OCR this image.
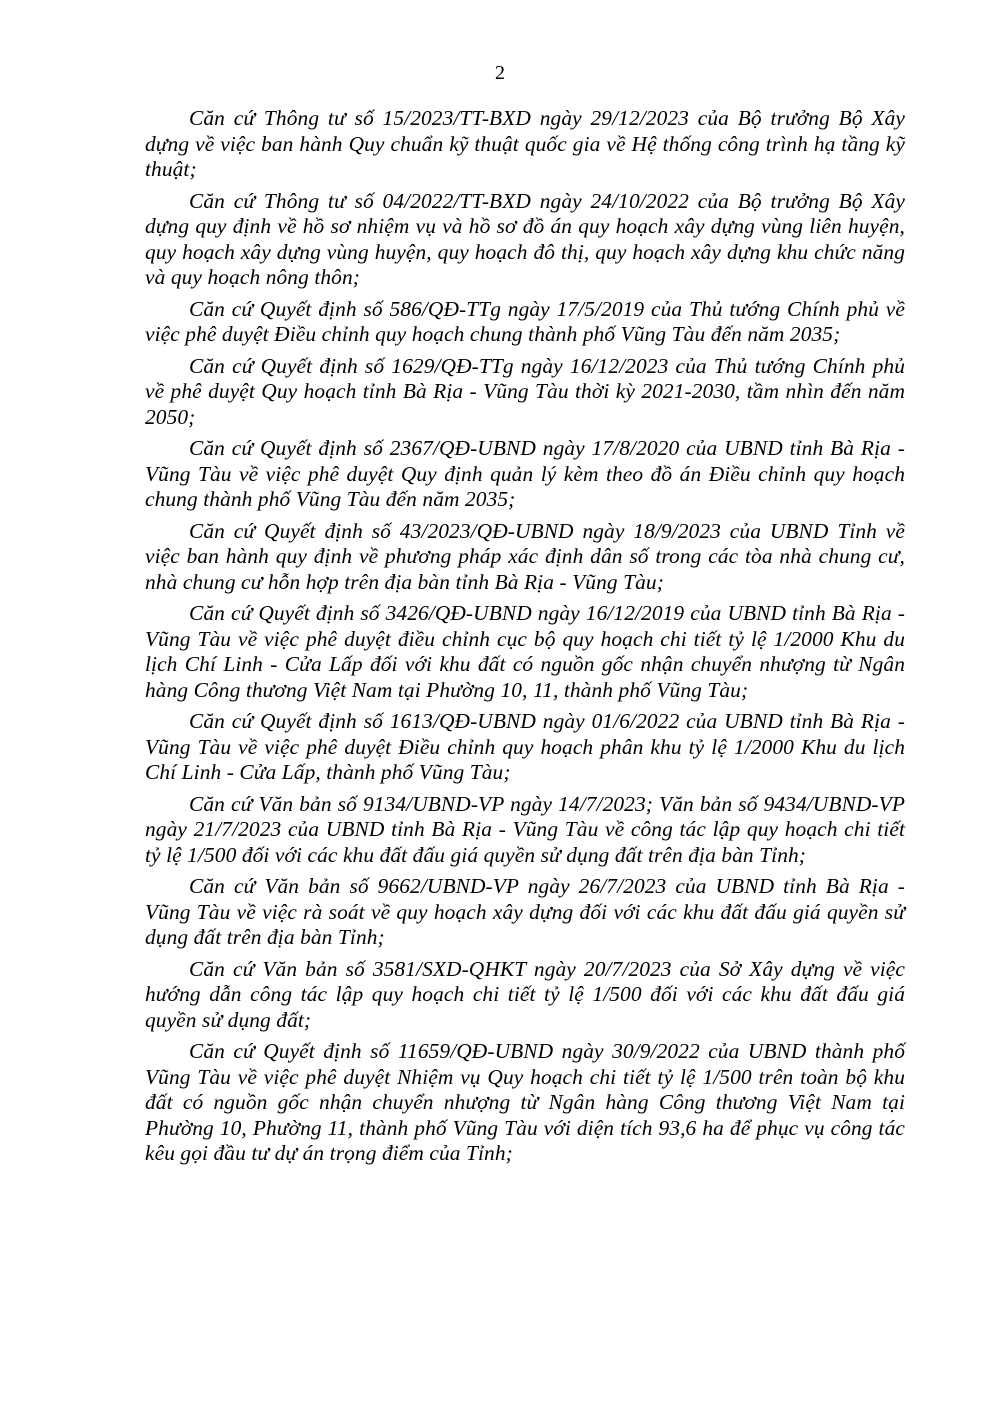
2

Căn cứ Thông tư số 15/2023/TT-BXD ngày 29/12/2023 của Bộ trưởng Bộ Xây dựng về việc ban hành Quy chuẩn kỹ thuật quốc gia về Hệ thống công trình hạ tầng kỹ thuật;

Căn cứ Thông tư số 04/2022/TT-BXD ngày 24/10/2022 của Bộ trưởng Bộ Xây dựng quy định về hồ sơ nhiệm vụ và hồ sơ đồ án quy hoạch xây dựng vùng liên huyện, quy hoạch xây dựng vùng huyện, quy hoạch đô thị, quy hoạch xây dựng khu chức năng và quy hoạch nông thôn;

Căn cứ Quyết định số 586/QĐ-TTg ngày 17/5/2019 của Thủ tướng Chính phủ về việc phê duyệt Điều chỉnh quy hoạch chung thành phố Vũng Tàu đến năm 2035;

Căn cứ Quyết định số 1629/QĐ-TTg ngày 16/12/2023 của Thủ tướng Chính phủ về phê duyệt Quy hoạch tỉnh Bà Rịa - Vũng Tàu thời kỳ 2021-2030, tầm nhìn đến năm 2050;

Căn cứ Quyết định số 2367/QĐ-UBND ngày 17/8/2020 của UBND tỉnh Bà Rịa - Vũng Tàu về việc phê duyệt Quy định quản lý kèm theo đồ án Điều chỉnh quy hoạch chung thành phố Vũng Tàu đến năm 2035;

Căn cứ Quyết định số 43/2023/QĐ-UBND ngày 18/9/2023 của UBND Tỉnh về việc ban hành quy định về phương pháp xác định dân số trong các tòa nhà chung cư, nhà chung cư hỗn hợp trên địa bàn tỉnh Bà Rịa - Vũng Tàu;

Căn cứ Quyết định số 3426/QĐ-UBND ngày 16/12/2019 của UBND tỉnh Bà Rịa - Vũng Tàu về việc phê duyệt điều chỉnh cục bộ quy hoạch chi tiết tỷ lệ 1/2000 Khu du lịch Chí Linh - Cửa Lấp đối với khu đất có nguồn gốc nhận chuyển nhượng từ Ngân hàng Công thương Việt Nam tại Phường 10, 11, thành phố Vũng Tàu;

Căn cứ Quyết định số 1613/QĐ-UBND ngày 01/6/2022 của UBND tỉnh Bà Rịa - Vũng Tàu về việc phê duyệt Điều chỉnh quy hoạch phân khu tỷ lệ 1/2000 Khu du lịch Chí Linh - Cửa Lấp, thành phố Vũng Tàu;

Căn cứ Văn bản số 9134/UBND-VP ngày 14/7/2023; Văn bản số 9434/UBND-VP ngày 21/7/2023 của UBND tỉnh Bà Rịa - Vũng Tàu về công tác lập quy hoạch chi tiết tỷ lệ 1/500 đối với các khu đất đấu giá quyền sử dụng đất trên địa bàn Tỉnh;

Căn cứ Văn bản số 9662/UBND-VP ngày 26/7/2023 của UBND tỉnh Bà Rịa - Vũng Tàu về việc rà soát về quy hoạch xây dựng đối với các khu đất đấu giá quyền sử dụng đất trên địa bàn Tỉnh;

Căn cứ Văn bản số 3581/SXD-QHKT ngày 20/7/2023 của Sở Xây dựng về việc hướng dẫn công tác lập quy hoạch chi tiết tỷ lệ 1/500 đối với các khu đất đấu giá quyền sử dụng đất;

Căn cứ Quyết định số 11659/QĐ-UBND ngày 30/9/2022 của UBND thành phố Vũng Tàu về việc phê duyệt Nhiệm vụ Quy hoạch chi tiết tỷ lệ 1/500 trên toàn bộ khu đất có nguồn gốc nhận chuyển nhượng từ Ngân hàng Công thương Việt Nam tại Phường 10, Phường 11, thành phố Vũng Tàu với diện tích 93,6 ha để phục vụ công tác kêu gọi đầu tư dự án trọng điểm của Tỉnh;
